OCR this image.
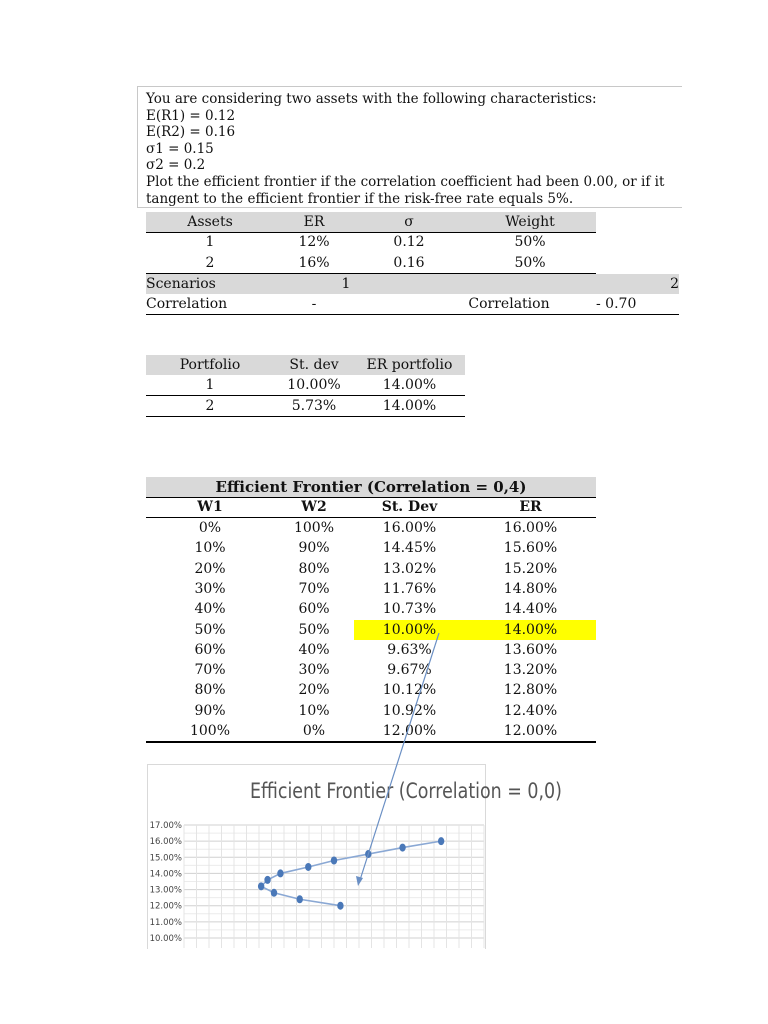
You are considering two assets with the following characteristics:
E(R1) = 0.12
E(R2) = 0.16
σ1 = 0.15
σ2 = 0.2
Plot the efficient frontier if the correlation coefficient had been 0.00, or if it
tangent to the efficient frontier if the risk-free rate equals 5%.
Assets	ER	σ	Weight
1	12%	0.12	50%
2	16%	0.16	50%
Scenarios	1	2
Correlation	-	Correlation	- 0.70
Portfolio	St. dev	ER portfolio
1	10.00%	14.00%
2	5.73%	14.00%
Efficient Frontier (Correlation = 0,4)
W1	W2	St. Dev	ER
0%	100%	16.00%	16.00%
10%	90%	14.45%	15.60%
20%	80%	13.02%	15.20%
30%	70%	11.76%	14.80%
40%	60%	10.73%	14.40%
50%	50%	10.00%	14.00%
60%	40%	9.63%	13.60%
70%	30%	9.67%	13.20%
80%	20%	10.12%	12.80%
90%	10%	10.92%	12.40%
100%	0%	12.00%	12.00%
Efficient Frontier (Correlation = 0,0)
17.00%
16.00%
15.00%
14.00%
13.00%
12.00%
11.00%
10.00%
